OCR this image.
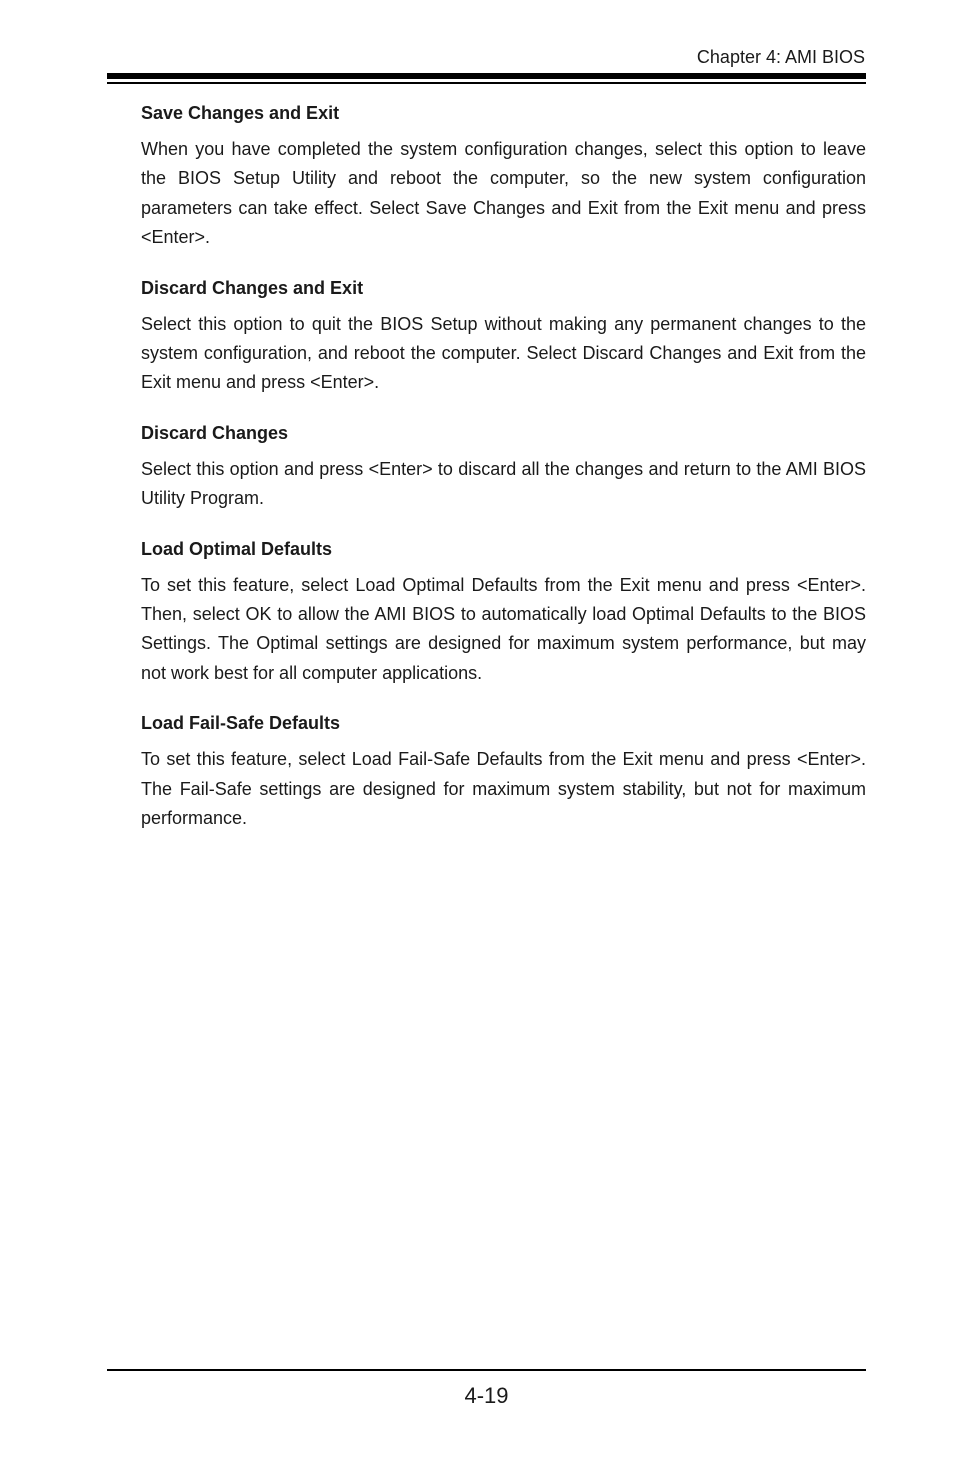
Chapter 4: AMI BIOS
Save Changes and Exit
When you have completed the system configuration changes, select this option to leave the BIOS Setup Utility and reboot the computer, so the new system configuration parameters can take effect. Select Save Changes and Exit from the Exit menu and press <Enter>.
Discard Changes and Exit
Select this option to quit the BIOS Setup without making any permanent changes to the system configuration, and reboot the computer. Select Discard Changes and Exit from the Exit menu and press <Enter>.
Discard Changes
Select this option and press <Enter> to discard all the changes and return to the AMI BIOS Utility Program.
Load Optimal Defaults
To set this feature, select Load Optimal Defaults from the Exit menu and press <Enter>. Then, select OK to allow the AMI BIOS to automatically load Optimal Defaults to the BIOS Settings. The Optimal settings are designed for maximum system performance, but may not work best for all computer applications.
Load Fail-Safe Defaults
To set this feature, select Load Fail-Safe Defaults from the Exit menu and press <Enter>. The Fail-Safe settings are designed for maximum system stability, but not for maximum performance.
4-19
